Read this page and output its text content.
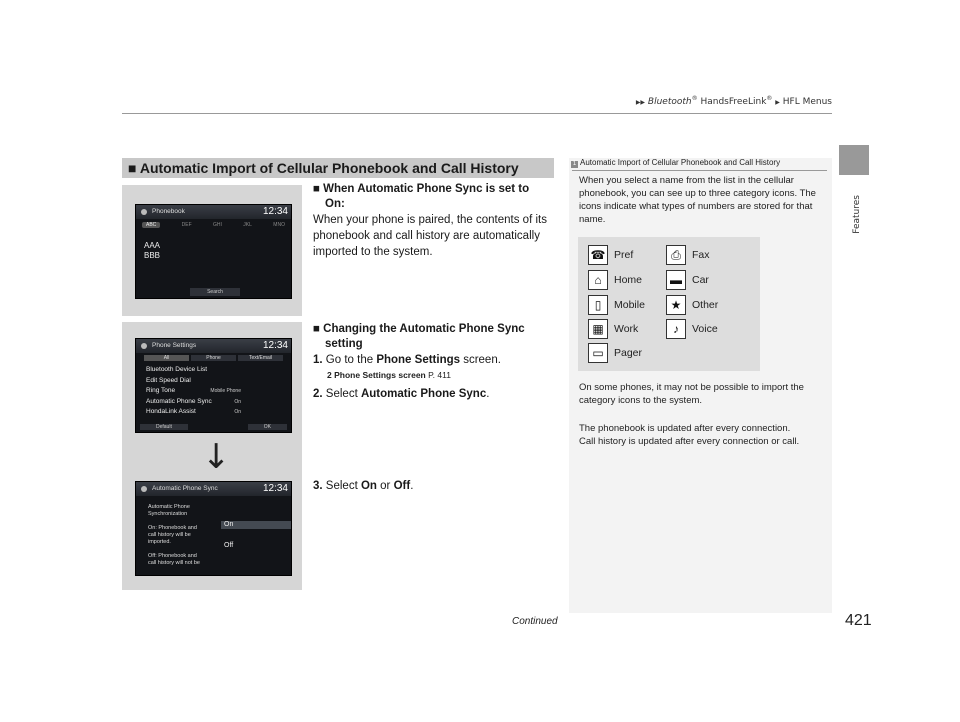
▶▶ Bluetooth® HandsFreeLink® ▶ HFL Menus
Features
■ Automatic Import of Cellular Phonebook and Call History
Phonebook	12:34
ABC	DEF	GHI	JKL	MNO
AAA
BBB
Search
Phone Settings	12:34
All	Phone	Text/Email
Bluetooth Device List
Edit Speed Dial
Ring Tone	Mobile Phone
Automatic Phone Sync	On
HondaLink Assist	On
Default	OK
↓
Automatic Phone Sync	12:34
Automatic Phone
Synchronization
On: Phonebook and
call history will be
imported.
Off: Phonebook and
call history will not be
On
Off
■ When Automatic Phone Sync is set to
On:
When your phone is paired, the contents of its
phonebook and call history are automatically
imported to the system.
■ Changing the Automatic Phone Sync
setting
1. Go to the Phone Settings screen.
2 Phone Settings screen P. 411
2. Select Automatic Phone Sync.
3. Select On or Off.
1 Automatic Import of Cellular Phonebook and Call History
When you select a name from the list in the cellular phonebook, you can see up to three category icons. The icons indicate what types of numbers are stored for that name.
☎ Pref	⎙	Fax
⌂	Home	▬ Car
▯	Mobile	★	Other
▦ Work	♪	Voice
▭ Pager
On some phones, it may not be possible to import the category icons to the system.
The phonebook is updated after every connection.
Call history is updated after every connection or call.
Continued	421
